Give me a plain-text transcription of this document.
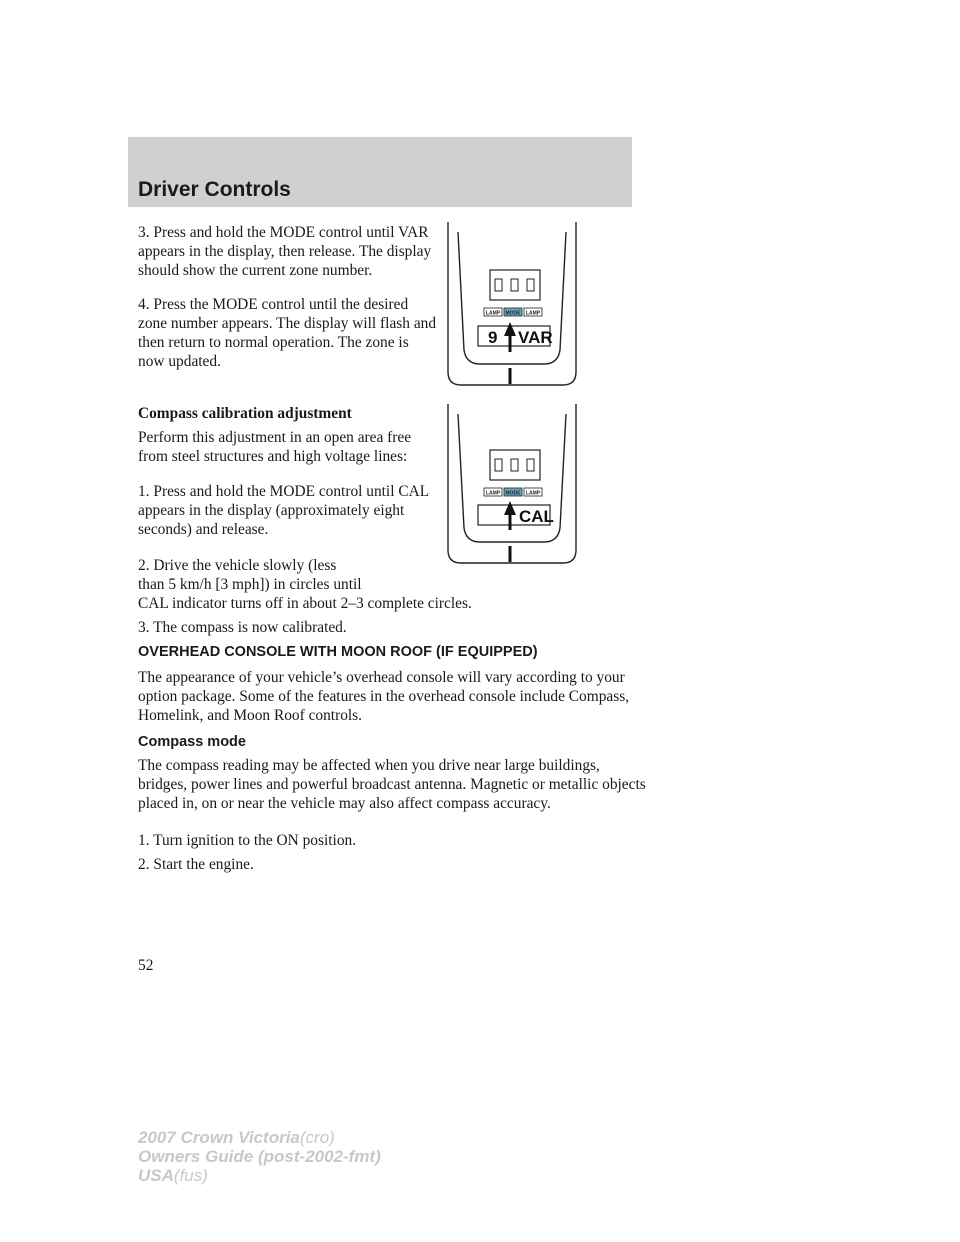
Driver Controls

3. Press and hold the MODE control until VAR appears in the display, then release. The display should show the current zone number.

4. Press the MODE control until the desired zone number appears. The display will flash and then return to normal operation. The zone is now updated.

Compass calibration adjustment

Perform this adjustment in an open area free from steel structures and high voltage lines:

1. Press and hold the MODE control until CAL appears in the display (approximately eight seconds) and release.

2. Drive the vehicle slowly (less

than 5 km/h [3 mph]) in circles until

CAL indicator turns off in about 2–3 complete circles.

3. The compass is now calibrated.

OVERHEAD CONSOLE WITH MOON ROOF (IF EQUIPPED)

The appearance of your vehicle’s overhead console will vary according to your option package. Some of the features in the overhead console include Compass, Homelink, and Moon Roof controls.

Compass mode

The compass reading may be affected when you drive near large buildings, bridges, power lines and powerful broadcast antenna. Magnetic or metallic objects placed in, on or near the vehicle may also affect compass accuracy.

1. Turn ignition to the ON position.

2. Start the engine.

LAMP MODE LAMP
9 VAR
LAMP MODE LAMP
CAL
52
2007 Crown Victoria(cro)
Owners Guide (post-2002-fmt)
USA(fus)
